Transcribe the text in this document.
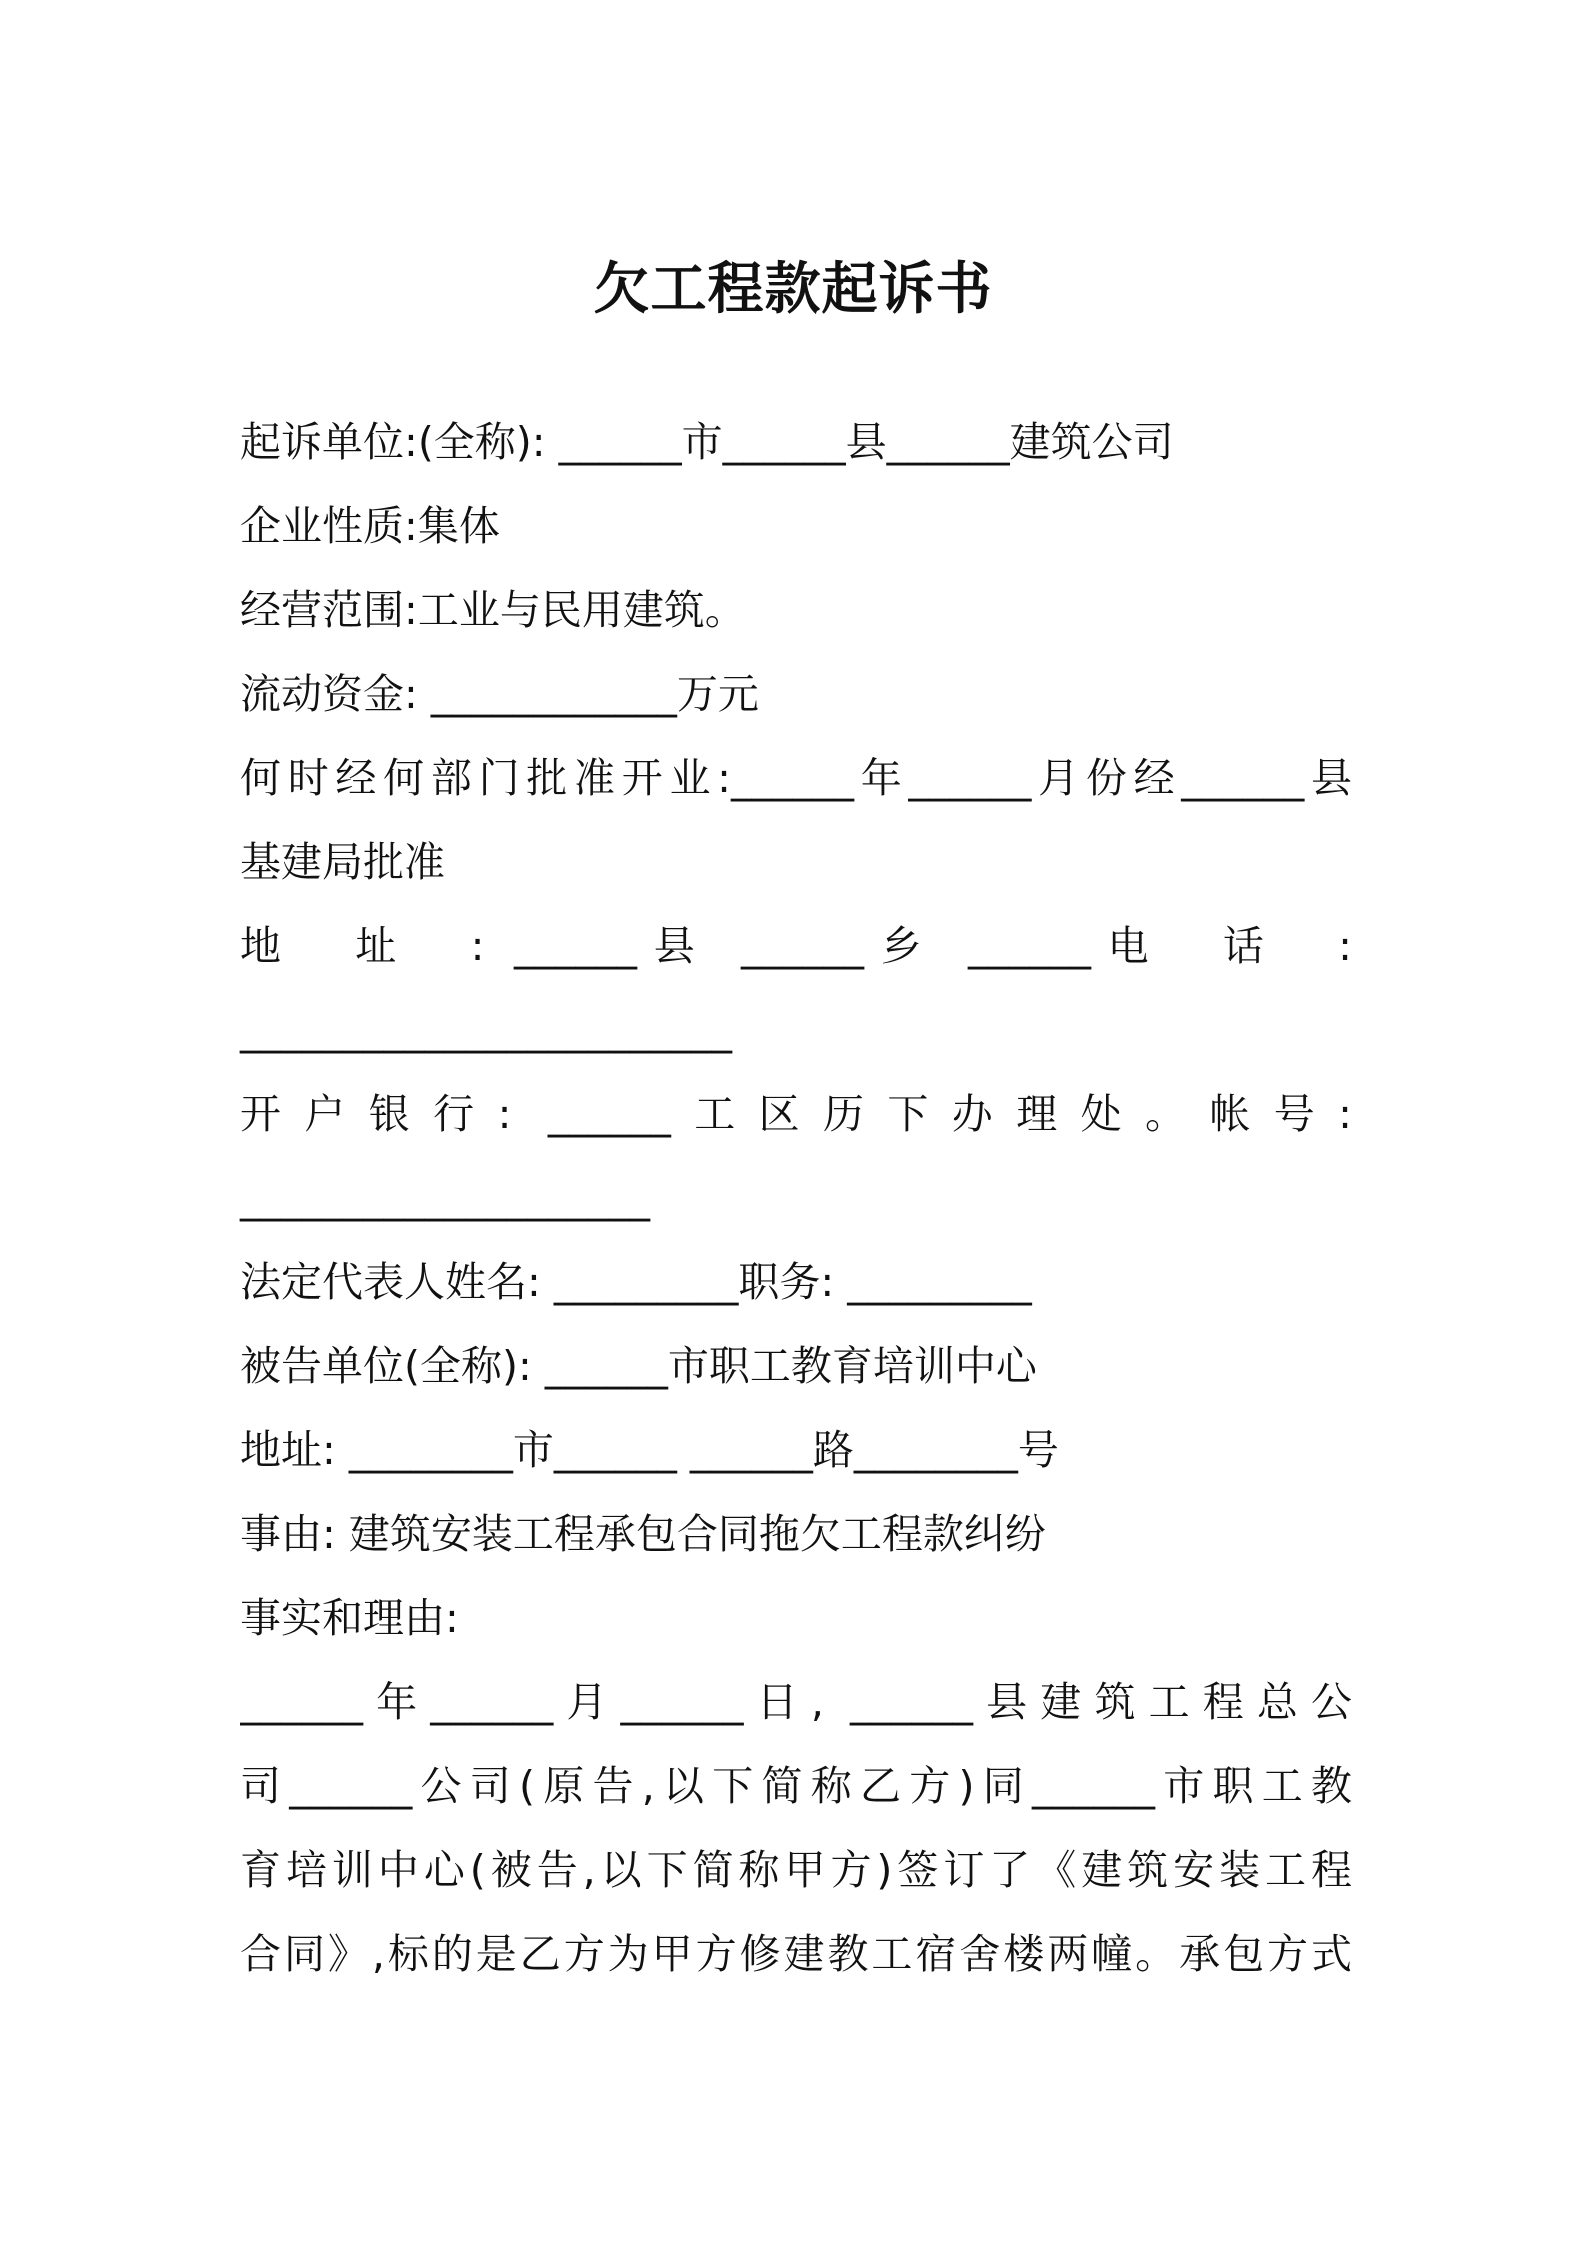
欠工程款起诉书
起诉单位:(全称): ______市______县______建筑公司
企业性质:集体
经营范围:工业与民用建筑。
流动资金: ____________万元
何时经何部门批准开业:______年______月份经______县
基建局批准
地　址　: ______县 ______乡 ______电　话　:
________________________
开户银行: ______工区历下办理处。帐号:
____________________
法定代表人姓名: _________职务: _________
被告单位(全称): ______市职工教育培训中心
地址: ________市______ ______路________号
事由: 建筑安装工程承包合同拖欠工程款纠纷
事实和理由:
______年______月______日, ______县建筑工程总公
司______公司(原告,以下简称乙方)同______市职工教
育培训中心(被告,以下简称甲方)签订了《建筑安装工程
合同》,标的是乙方为甲方修建教工宿舍楼两幢。承包方式
